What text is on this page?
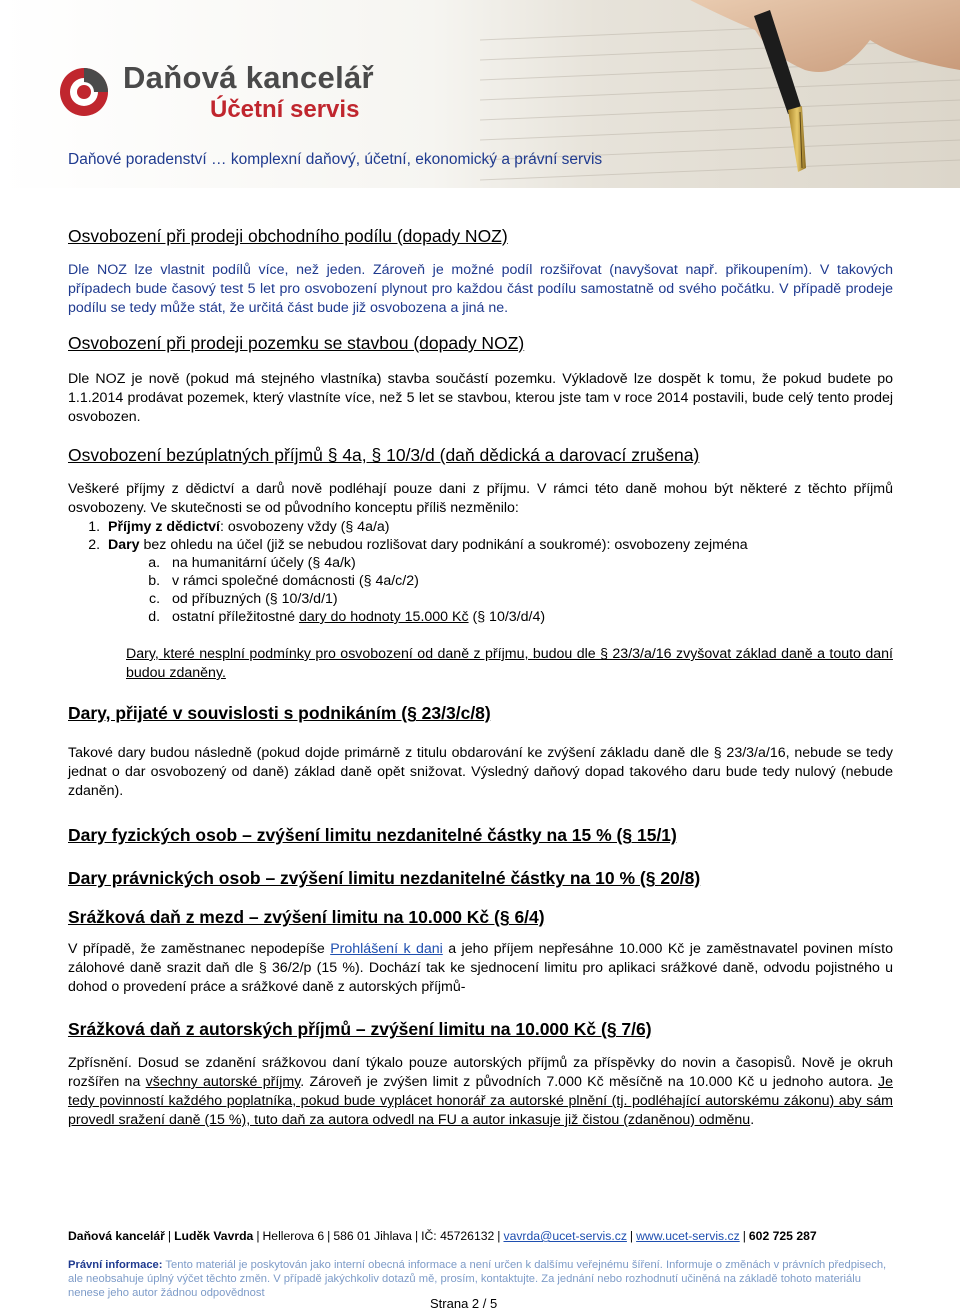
Daňová kancelář
Účetní servis
Daňové poradenství … komplexní daňový, účetní, ekonomický a právní servis
Osvobození při prodeji obchodního podílu (dopady NOZ)

Dle NOZ lze vlastnit podílů více, než jeden. Zároveň je možné podíl rozšiřovat (navyšovat např. přikoupením). V takových případech bude časový test 5 let pro osvobození plynout pro každou část podílu samostatně od svého počátku. V případě prodeje podílu se tedy může stát, že určitá část bude již osvobozena a jiná ne.

Osvobození při prodeji pozemku se stavbou (dopady NOZ)

Dle NOZ je nově (pokud má stejného vlastníka) stavba součástí pozemku. Výkladově lze dospět k tomu, že pokud budete po 1.1.2014 prodávat pozemek, který vlastníte více, než 5 let se stavbou, kterou jste tam v roce 2014 postavili, bude celý tento prodej osvobozen.

Osvobození bezúplatných příjmů § 4a, § 10/3/d (daň dědická a darovací zrušena)

Veškeré příjmy z dědictví a darů nově podléhají pouze dani z příjmu. V rámci této daně mohou být některé z těchto příjmů osvobozeny. Ve skutečnosti se od původního konceptu příliš nezměnilo:

1. Příjmy z dědictví: osvobozeny vždy (§ 4a/a)
2. Dary bez ohledu na účel (již se nebudou rozlišovat dary podnikání a soukromé): osvobozeny zejména
a. na humanitární účely (§ 4a/k)
b. v rámci společné domácnosti (§ 4a/c/2)
c. od příbuzných (§ 10/3/d/1)
d. ostatní příležitostné dary do hodnoty 15.000 Kč (§ 10/3/d/4)

Dary, které nesplní podmínky pro osvobození od daně z příjmu, budou dle § 23/3/a/16 zvyšovat základ daně a touto daní budou zdaněny.

Dary, přijaté v souvislosti s podnikáním (§ 23/3/c/8)

Takové dary budou následně (pokud dojde primárně z titulu obdarování ke zvýšení základu daně dle § 23/3/a/16, nebude se tedy jednat o dar osvobozený od daně) základ daně opět snižovat. Výsledný daňový dopad takového daru bude tedy nulový (nebude zdaněn).

Dary fyzických osob – zvýšení limitu nezdanitelné částky na 15 % (§ 15/1)
Dary právnických osob – zvýšení limitu nezdanitelné částky na 10 % (§ 20/8)
Srážková daň z mezd – zvýšení limitu na 10.000 Kč (§ 6/4)

V případě, že zaměstnanec nepodepíše Prohlášení k dani a jeho příjem nepřesáhne 10.000 Kč je zaměstnavatel povinen místo zálohové daně srazit daň dle § 36/2/p (15 %). Dochází tak ke sjednocení limitu pro aplikaci srážkové daně, odvodu pojistného u dohod o provedení práce a srážkové daně z autorských příjmů-

Srážková daň z autorských příjmů – zvýšení limitu na 10.000 Kč (§ 7/6)

Zpřísnění. Dosud se zdanění srážkovou daní týkalo pouze autorských příjmů za příspěvky do novin a časopisů. Nově je okruh rozšířen na všechny autorské příjmy. Zároveň je zvýšen limit z původních 7.000 Kč měsíčně na 10.000 Kč u jednoho autora. Je tedy povinností každého poplatníka, pokud bude vyplácet honorář za autorské plnění (tj. podléhající autorskému zákonu) aby sám provedl sražení daně (15 %), tuto daň za autora odvedl na FU a autor inkasuje již čistou (zdaněnou) odměnu.

Daňová kancelář | Luděk Vavrda | Hellerova 6 | 586 01 Jihlava | IČ: 45726132 | vavrda@ucet-servis.cz | www.ucet-servis.cz | 602 725 287
Právní informace: Tento materiál je poskytován jako interní obecná informace a není určen k dalšímu veřejnému šíření. Informuje o změnách v právních předpisech, ale neobsahuje úplný výčet těchto změn. V případě jakýchkoliv dotazů mě, prosím, kontaktujte. Za jednání nebo rozhodnutí učiněná na základě tohoto materiálu nenese jeho autor žádnou odpovědnost
Strana 2 / 5
